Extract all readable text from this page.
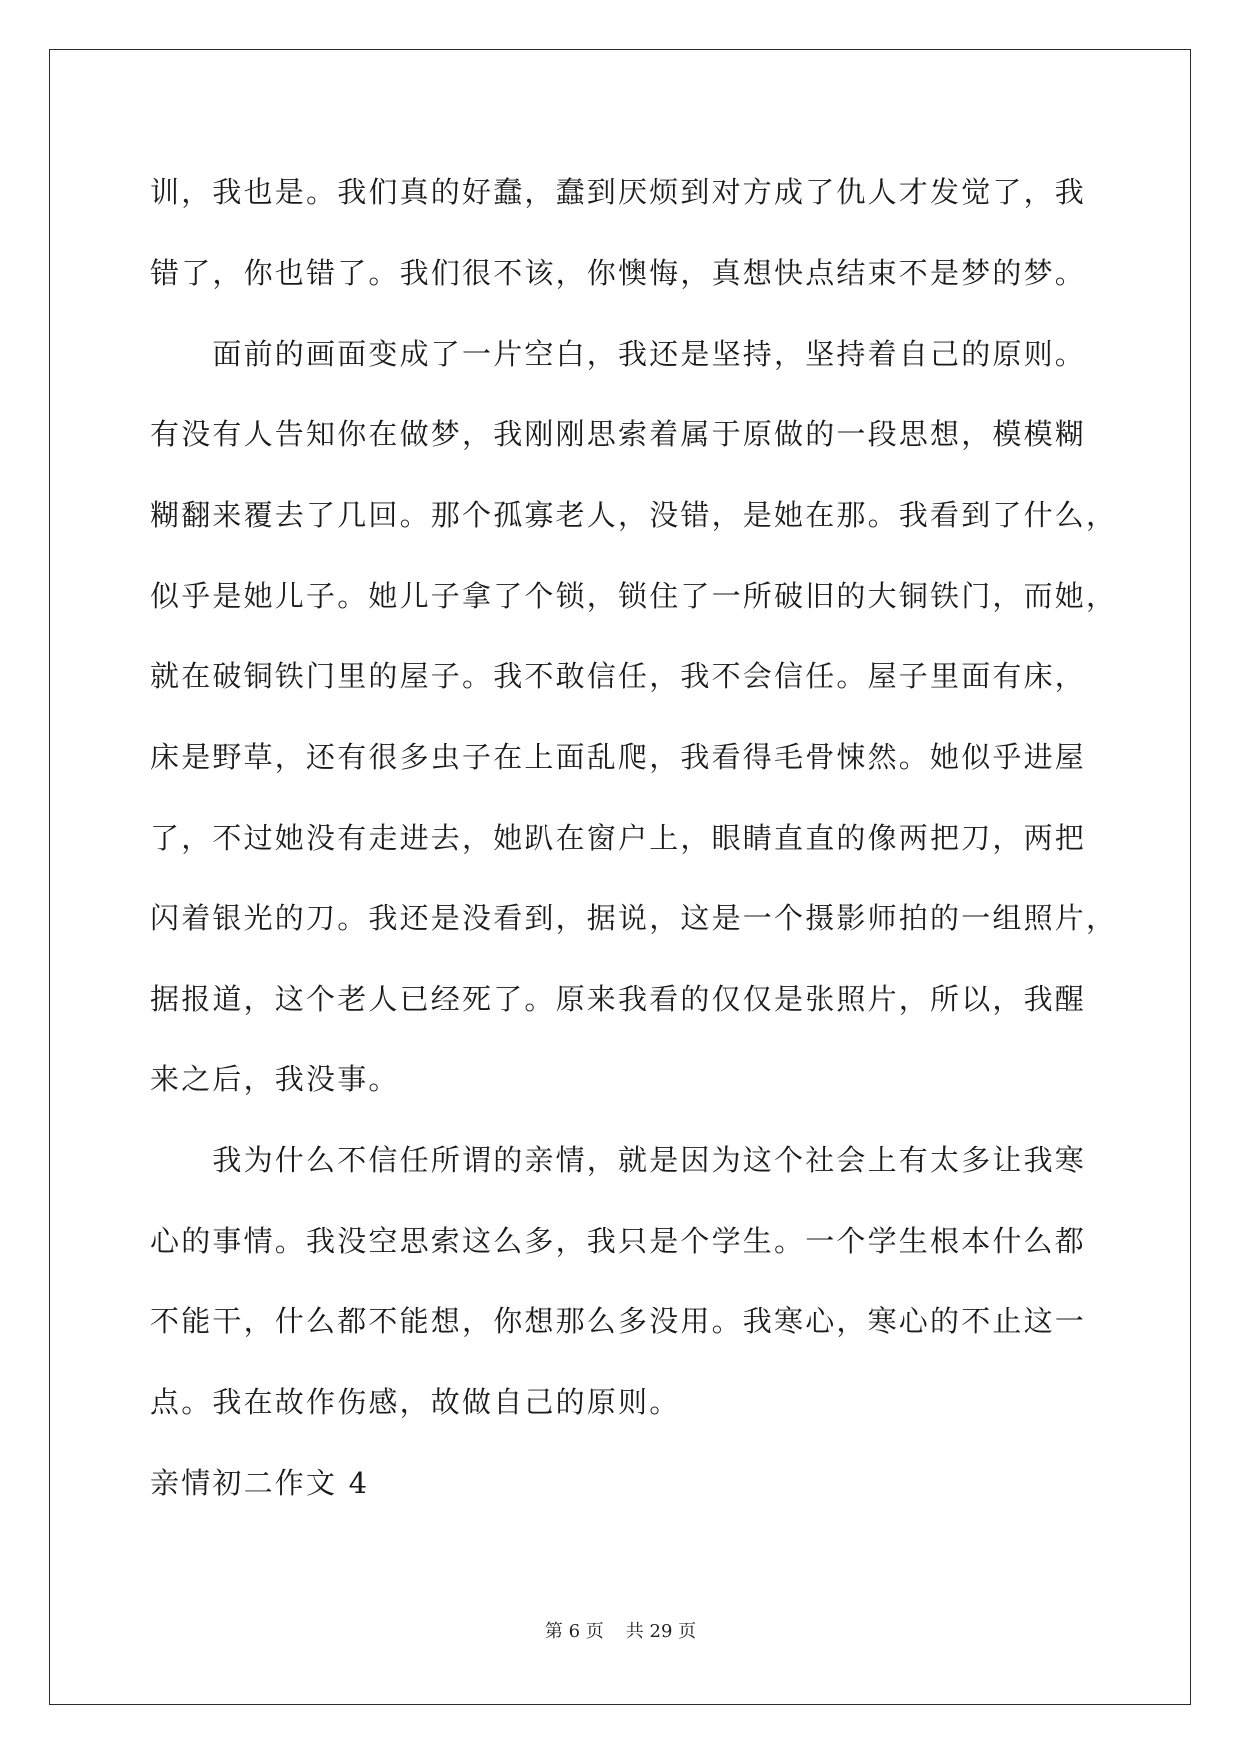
训，我也是。我们真的好蠢，蠢到厌烦到对方成了仇人才发觉了，我
错了，你也错了。我们很不该，你懊悔，真想快点结束不是梦的梦。
　　面前的画面变成了一片空白，我还是坚持，坚持着自己的原则。
有没有人告知你在做梦，我刚刚思索着属于原做的一段思想，模模糊
糊翻来覆去了几回。那个孤寡老人，没错，是她在那。我看到了什么，
似乎是她儿子。她儿子拿了个锁，锁住了一所破旧的大铜铁门，而她，
就在破铜铁门里的屋子。我不敢信任，我不会信任。屋子里面有床，
床是野草，还有很多虫子在上面乱爬，我看得毛骨悚然。她似乎进屋
了，不过她没有走进去，她趴在窗户上，眼睛直直的像两把刀，两把
闪着银光的刀。我还是没看到，据说，这是一个摄影师拍的一组照片，
据报道，这个老人已经死了。原来我看的仅仅是张照片，所以，我醒
来之后，我没事。
　　我为什么不信任所谓的亲情，就是因为这个社会上有太多让我寒
心的事情。我没空思索这么多，我只是个学生。一个学生根本什么都
不能干，什么都不能想，你想那么多没用。我寒心，寒心的不止这一
点。我在故作伤感，故做自己的原则。
亲情初二作文 4
第 6 页 共 29 页
